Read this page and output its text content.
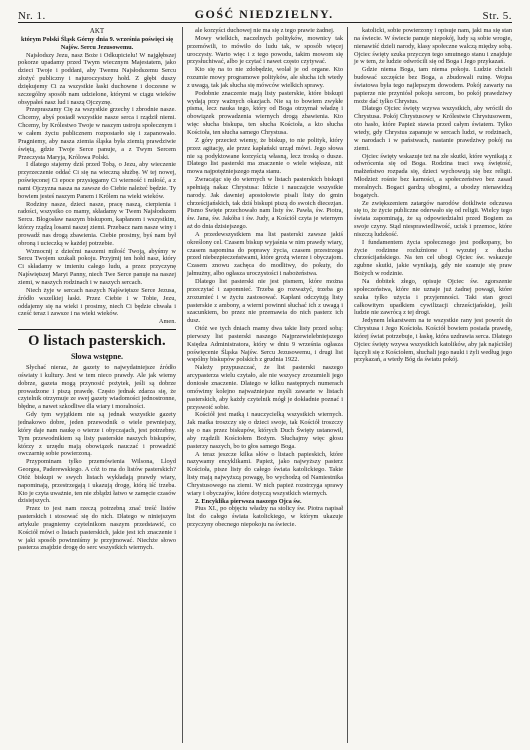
Nr. 1.	GOŚĆ NIEDZIELNY.	Str. 5.

AKT

którym Polski Śląsk Górny dnia 9. września poświęci się Najśw. Sercu Jezusowemu.

Najsłodszy Jezu, nasz Boże i Odkupicielu! W najgłębszej pokorze upadamy przed Twym wiecznym Majestatem, jako dzieci Twoje i poddani, aby Twemu Najsłodszemu Sercu złożyć publiczny i najuroczystszy hołd. Z głębi duszy dziękujemy Ci za wszystkie łaski duchowne i doczesne w szczególny sposób nam udzielone, którymi w ciągu wieków obsypałeś nasz lud i naszą Ojczyznę.

Przepraszamy Cię za wszystkie grzechy i zbrodnie nasze. Chcemy, abyś posiadł wszystkie nasze serca i rządził niemi. Chcemy, by Królestwo Twoje w naszym ustroju społecznym i w całem życiu publicznem rozpostarło się i zapanowało. Pragniemy, aby nasza ziemia śląska była ziemią prawdziwie świętą, gdzie Twoje Serce panuje, a z Twym Sercem Przeczysta Maryja, Królowa Polski.

I dlatego stajemy dziś przed Tobą, o Jezu, aby wieczenie przyrzeczenie oddać Ci się na wieczną służbę. W tej nowej, poświęconej Ci epoce przysięgamy Ci wierność i miłość, a z nami Ojczyzna nasza na zawsze do Ciebie należeć będzie. Ty bowiem jesteś naszym Panem i Królem na wieki wieków.

Rodziny nasze, dzieci nasze, pracę naszą, cierpienia i radości, wszystko co mamy, składamy w Twem Najsłodszem Sercu. Błogosław naszym biskupom, kapłanom i wszystkim, którzy rządzą losami naszej ziemi. Przebacz nam nasze winy i prowadź nas drogą zbawienia. Ciebie prosimy, byś nam był obroną i ucieczką w każdej potrzebie.

Wzmocnij z dziećmi naszemi miłość Twoją, abyśmy w Sercu Twojem szukali pokoju. Przyjmij ten hołd nasz, który Ci składamy w imieniu całego ludu, a przez przyczynę Najświętszej Maryi Panny, niech Twe Serce panuje na naszej ziemi, w naszych rodzinach i w naszych sercach.

Niech żyje w sercach naszych Najświętsze Serce Jezusa, źródło wszelkiej łaski. Przez Ciebie i w Tobie, Jezu, oddajemy się na wieki i prosimy, niech Ci będzie chwała i cześć teraz i zawsze i na wieki wieków.

Amen.

O listach pasterskich.

Słowa wstępne.

Słychać nieraz, że gazety to najwydatniejsze źródło oświaty i kultury. Jest w tem nieco prawdy. Ale jak wiemy dobrze, gazeta mogą przynosić pożytek, jeśli są dobrze prowadzone i piszą prawdę. Często jednak zdarza się, że czytelnik otrzymuje ze swej gazety wiadomości jednostronne, błędne, a nawet szkodliwe dla wiary i moralności.

Gdy tym wyjątkiem nie są jednak wszystkie gazety jednakowo dobre, jeden przewodnik o wiele pewniejszy, który daje nam naukę o wierze i obyczajach, jest potrzebny. Tym przewodnikiem są listy pasterskie naszych biskupów, którzy z urzędu mają obowiązek nauczać i prowadzić owczarnię sobie powierzoną.

Przypominam tylko przemówienia Wilsona, Lloyd Georgea, Paderewskiego. A cóż to ma do listów pasterskich? Otóż biskupi w swych listach wykładają prawdy wiary, napominają, przestrzegają i ukazują drogę, którą iść trzeba. Kto je czyta uważnie, ten nie zbłądzi łatwo w zamęcie czasów dzisiejszych.

Przez to jest nam rzeczą potrzebną znać treść listów pasterskich i stosować się do nich. Dlatego w niniejszym artykule pragniemy czytelnikom naszym przedstawić, co Kościół mówi o listach pasterskich, jakie jest ich znaczenie i w jaki sposób powinniśmy je przyjmować. Niechże słowo pasterza znajdzie drogę do serc wszystkich wiernych.

ale korzyści duchowej nie ma się z tego prawie żadnej.

Mowy wielkich, naczelnych polityków, mownicy tak przemówili, to mówiło do ludu tak, w sposób więcej uroczysty. Warto więc i z tego powodu, takim mowom się przysłuchiwać, albo je czytać i nawet często czytywać.

Kto się na to nie zdobędzie, wolał je od organe. Kto rozumie mowy programowe polityków, ale słucha ich wtedy z uwagą, tak jak słucha się mówców wielkich sprawy.

Podobnie znaczenie mają listy pasterskie, które biskupi wydają przy ważnych okazjach. Nie są to bowiem zwykłe pisma, lecz nauka tego, który od Boga otrzymał władzę i obowiązek prowadzenia wiernych drogą zbawienia. Kto więc słucha biskupa, ten słucha Kościoła, a kto słucha Kościoła, ten słucha samego Chrystusa.

Z góry przecież wiemy, że biskup, to nie polityk, który przez agitację, ale przez kapłański urząd mówi. Jego słowa nie są podyktowane korzyścią własną, lecz troską o dusze. Dlatego list pasterski ma znaczenie o wiele większe, niż mowa najpotężniejszego męża stanu.

Zwracając się do wiernych w listach pasterskich biskupi spełniają nakaz Chrystusa: Idźcie i nauczajcie wszystkie narody. Jak dawniej apostołowie pisali listy do gmin chrześcijańskich, tak dziś biskupi piszą do swoich diecezjan. Pismo Święte przechowało nam listy św. Pawła, św. Piotra, św. Jana, św. Jakóba i św. Judy, a Kościół czyta je wiernym aż do dnia dzisiejszego.

A przedewszystkiem ma list pasterski zawsze jakiś określony cel. Czasem biskup wyjaśnia w nim prawdy wiary, czasem napomina do poprawy życia, czasem przestrzega przed niebezpieczeństwami, które grożą wierze i obyczajom. Czasem znowu zachęca do modlitwy, do pokuty, do jałmużny, albo ogłasza uroczystości i nabożeństwa.

Dlatego list pasterski nie jest pismem, które można przeczytać i zapomnieć. Trzeba go rozważyć, trzeba go zrozumieć i w życiu zastosować. Kapłani odczytują listy pasterskie z ambony, a wierni powinni słuchać ich z uwagą i szacunkiem, bo przez nie przemawia do nich pasterz ich dusz.

Otóż we tych dniach mamy dwa takie listy przed sobą: pierwszy list pasterski naszego Najprzewielebniejszego Księdza Administratora, który w dniu 9 września ogłasza poświęcenie Śląska Najśw. Sercu Jezusowemu, i drugi list wspólny biskupów polskich z grudnia 1922.

Należy przypuszczać, że list pasterski naszego arcypasterza wielu czytało, ale nie wszyscy zrozumieli jego doniosłe znaczenie. Dlatego w kilku następnych numerach omówimy kolejno najważniejsze myśli zawarte w listach pasterskich, aby każdy czytelnik mógł je dokładnie poznać i przyswoić sobie.

Kościół jest matką i nauczycielką wszystkich wiernych. Jak matka troszczy się o dzieci swoje, tak Kościół troszczy się o nas przez biskupów, których Duch Święty ustanowił, aby rządzili Kościołem Bożym. Słuchajmy więc głosu pasterzy naszych, bo to głos samego Boga.

A teraz jeszcze kilka słów o listach papieskich, które nazywamy encyklikami. Papież, jako najwyższy pasterz Kościoła, pisze listy do całego świata katolickiego. Takie listy mają najwyższą powagę, bo wychodzą od Namiestnika Chrystusowego na ziemi. W nich papież rozstrzyga sprawy wiary i obyczajów, które dotyczą wszystkich wiernych.

2. Encyklika pierwsza naszego Ojca św.

Pius XI., po objęciu władzy na stolicy św. Piotra napisał list do całego świata katolickiego, w którym ukazuje przyczyny obecnego niepokoju na świecie.

katolicki, sobie powierzony i opisuje nam, jaki ma się stan na świecie. W świecie panuje niepokój, ludy są sobie wrogie, nienawiść dzieli narody, klasy społeczne walczą między sobą. Ojciec święty szuka przyczyn tego smutnego stanu i znajduje je w tem, że ludzie odwrócili się od Boga i Jego przykazań.

Gdzie niema Boga, tam niema pokoju. Ludzie chcieli budować szczęście bez Boga, a zbudowali ruinę. Wojna światowa była tego najlepszym dowodem. Pokój zawarty na papierze nie przyniósł pokoju sercom, bo pokój prawdziwy może dać tylko Chrystus.

Dlatego Ojciec święty wzywa wszystkich, aby wrócili do Chrystusa. Pokój Chrystusowy w Królestwie Chrystusowem, oto hasło, które Papież stawia przed całym światem. Tylko wtedy, gdy Chrystus zapanuje w sercach ludzi, w rodzinach, w narodach i w państwach, nastanie prawdziwy pokój na ziemi.

Ojciec święty wskazuje też na złe skutki, które wynikają z odwrócenia się od Boga. Rodzina traci swą świętość, małżeństwo rozpada się, dzieci wychowują się bez religii. Młodzież rośnie bez karności, a społeczeństwo bez zasad moralnych. Bogaci gardzą ubogimi, a ubodzy nienawidzą bogatych.

Ze zwiększeniem zatargów narodów dotkliwie odczuwa się to, że życie publiczne oderwało się od religii. Wielcy tego świata zapominają, że są odpowiedzialni przed Bogiem za swoje czyny. Stąd niesprawiedliwość, ucisk i przemoc, które niszczą ludzkość.

I fundamentem życia społecznego jest podkopany, bo życie rodzinne rozluźnione i wyzutej z ducha chrześcijańskiego. Na ten cel ubogi Ojciec św. wskazuje zgubne skutki, jakie wynikają, gdy nie szanuje się praw Bożych w rodzinie.

Na dobitek złego, opisuje Ojciec św. zgorszenie społeczeństwa, które nie uznaje już żadnej powagi, które szuka tylko użycia i przyjemności. Taki stan grozi całkowitym upadkiem cywilizacji chrześcijańskiej, jeśli ludzie nie zawrócą z tej drogi.

Jedynem lekarstwem na te wszystkie rany jest powrót do Chrystusa i Jego Kościoła. Kościół bowiem posiada prawdę, której świat potrzebuje, i łaskę, która uzdrawia serca. Dlatego Ojciec święty wzywa wszystkich katolików, aby jak najściślej łączyli się z Kościołem, słuchali jego nauki i żyli według jego przykazań, a wtedy Bóg da światu pokój.
